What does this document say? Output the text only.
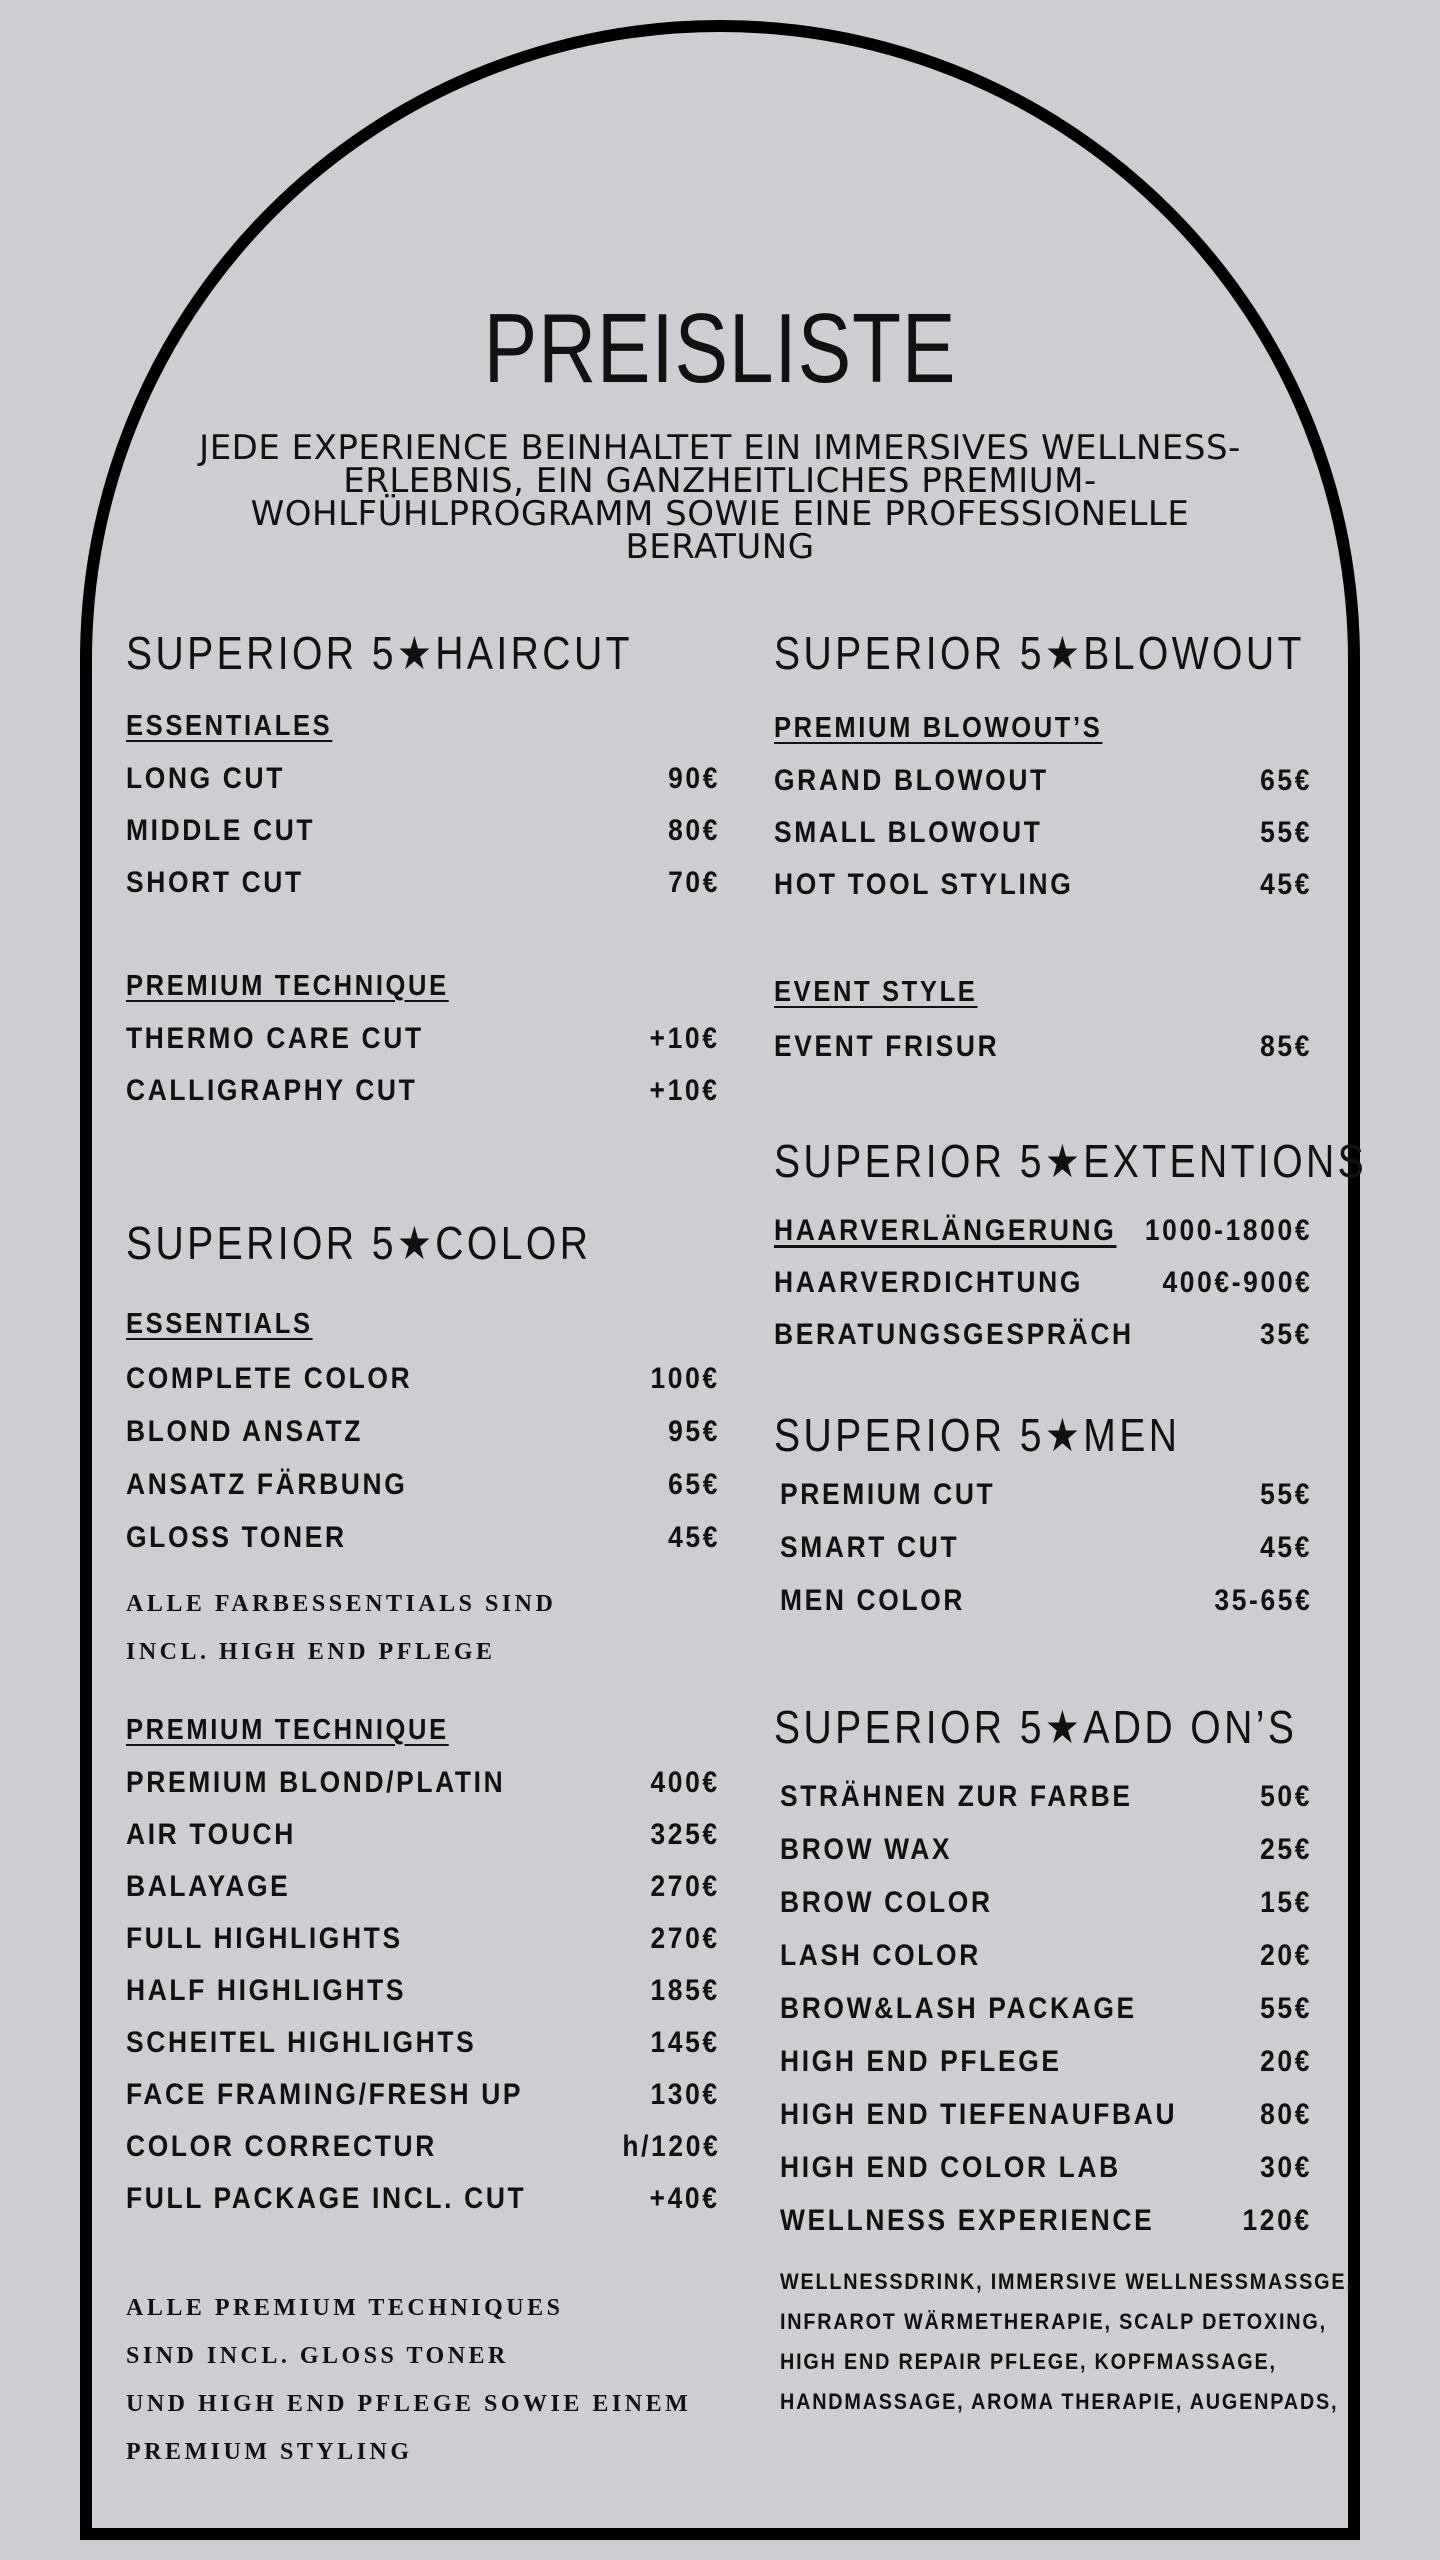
PREISLISTE
JEDE EXPERIENCE BEINHALTET EIN IMMERSIVES WELLNESS-ERLEBNIS, EIN GANZHEITLICHES PREMIUM-WOHLFÜHLPROGRAMM SOWIE EINE PROFESSIONELLE BERATUNG
SUPERIOR 5★HAIRCUT
ESSENTIALES
PREMIUM TECHNIQUE
SUPERIOR 5★COLOR
ESSENTIALS
ALLE FARBESSENTIALS SIND
INCL. HIGH END PFLEGE
PREMIUM TECHNIQUE
ALLE PREMIUM TECHNIQUES
SIND INCL. GLOSS TONER
UND HIGH END PFLEGE SOWIE EINEM
PREMIUM STYLING
LONG CUT	90€
MIDDLE CUT	80€
SHORT CUT	70€
THERMO CARE CUT	+10€
CALLIGRAPHY CUT	+10€
COMPLETE COLOR	100€
BLOND ANSATZ	95€
ANSATZ FÄRBUNG	65€
GLOSS TONER	45€
PREMIUM BLOND/PLATIN	400€
AIR TOUCH	325€
BALAYAGE	270€
FULL HIGHLIGHTS	270€
HALF HIGHLIGHTS	185€
SCHEITEL HIGHLIGHTS	145€
FACE FRAMING/FRESH UP	130€
COLOR CORRECTUR	h/120€
FULL PACKAGE INCL. CUT	+40€
SUPERIOR 5★BLOWOUT
PREMIUM BLOWOUT’S
EVENT STYLE
SUPERIOR 5★EXTENTIONS
SUPERIOR 5★MEN
SUPERIOR 5★ADD ON’S
WELLNESSDRINK, IMMERSIVE WELLNESSMASSGE,
INFRAROT WÄRMETHERAPIE, SCALP DETOXING,
HIGH END REPAIR PFLEGE, KOPFMASSAGE,
HANDMASSAGE, AROMA THERAPIE, AUGENPADS,
GRAND BLOWOUT	65€
SMALL BLOWOUT	55€
HOT TOOL STYLING	45€
EVENT FRISUR	85€
HAARVERLÄNGERUNG 1000-1800€
HAARVERDICHTUNG	400€-900€
BERATUNGSGESPRÄCH	35€
PREMIUM CUT	55€
SMART CUT	45€
MEN COLOR	35-65€
STRÄHNEN ZUR FARBE	50€
BROW WAX	25€
BROW COLOR	15€
LASH COLOR	20€
BROW&LASH PACKAGE	55€
HIGH END PFLEGE	20€
HIGH END TIEFENAUFBAU	80€
HIGH END COLOR LAB	30€
WELLNESS EXPERIENCE	120€
